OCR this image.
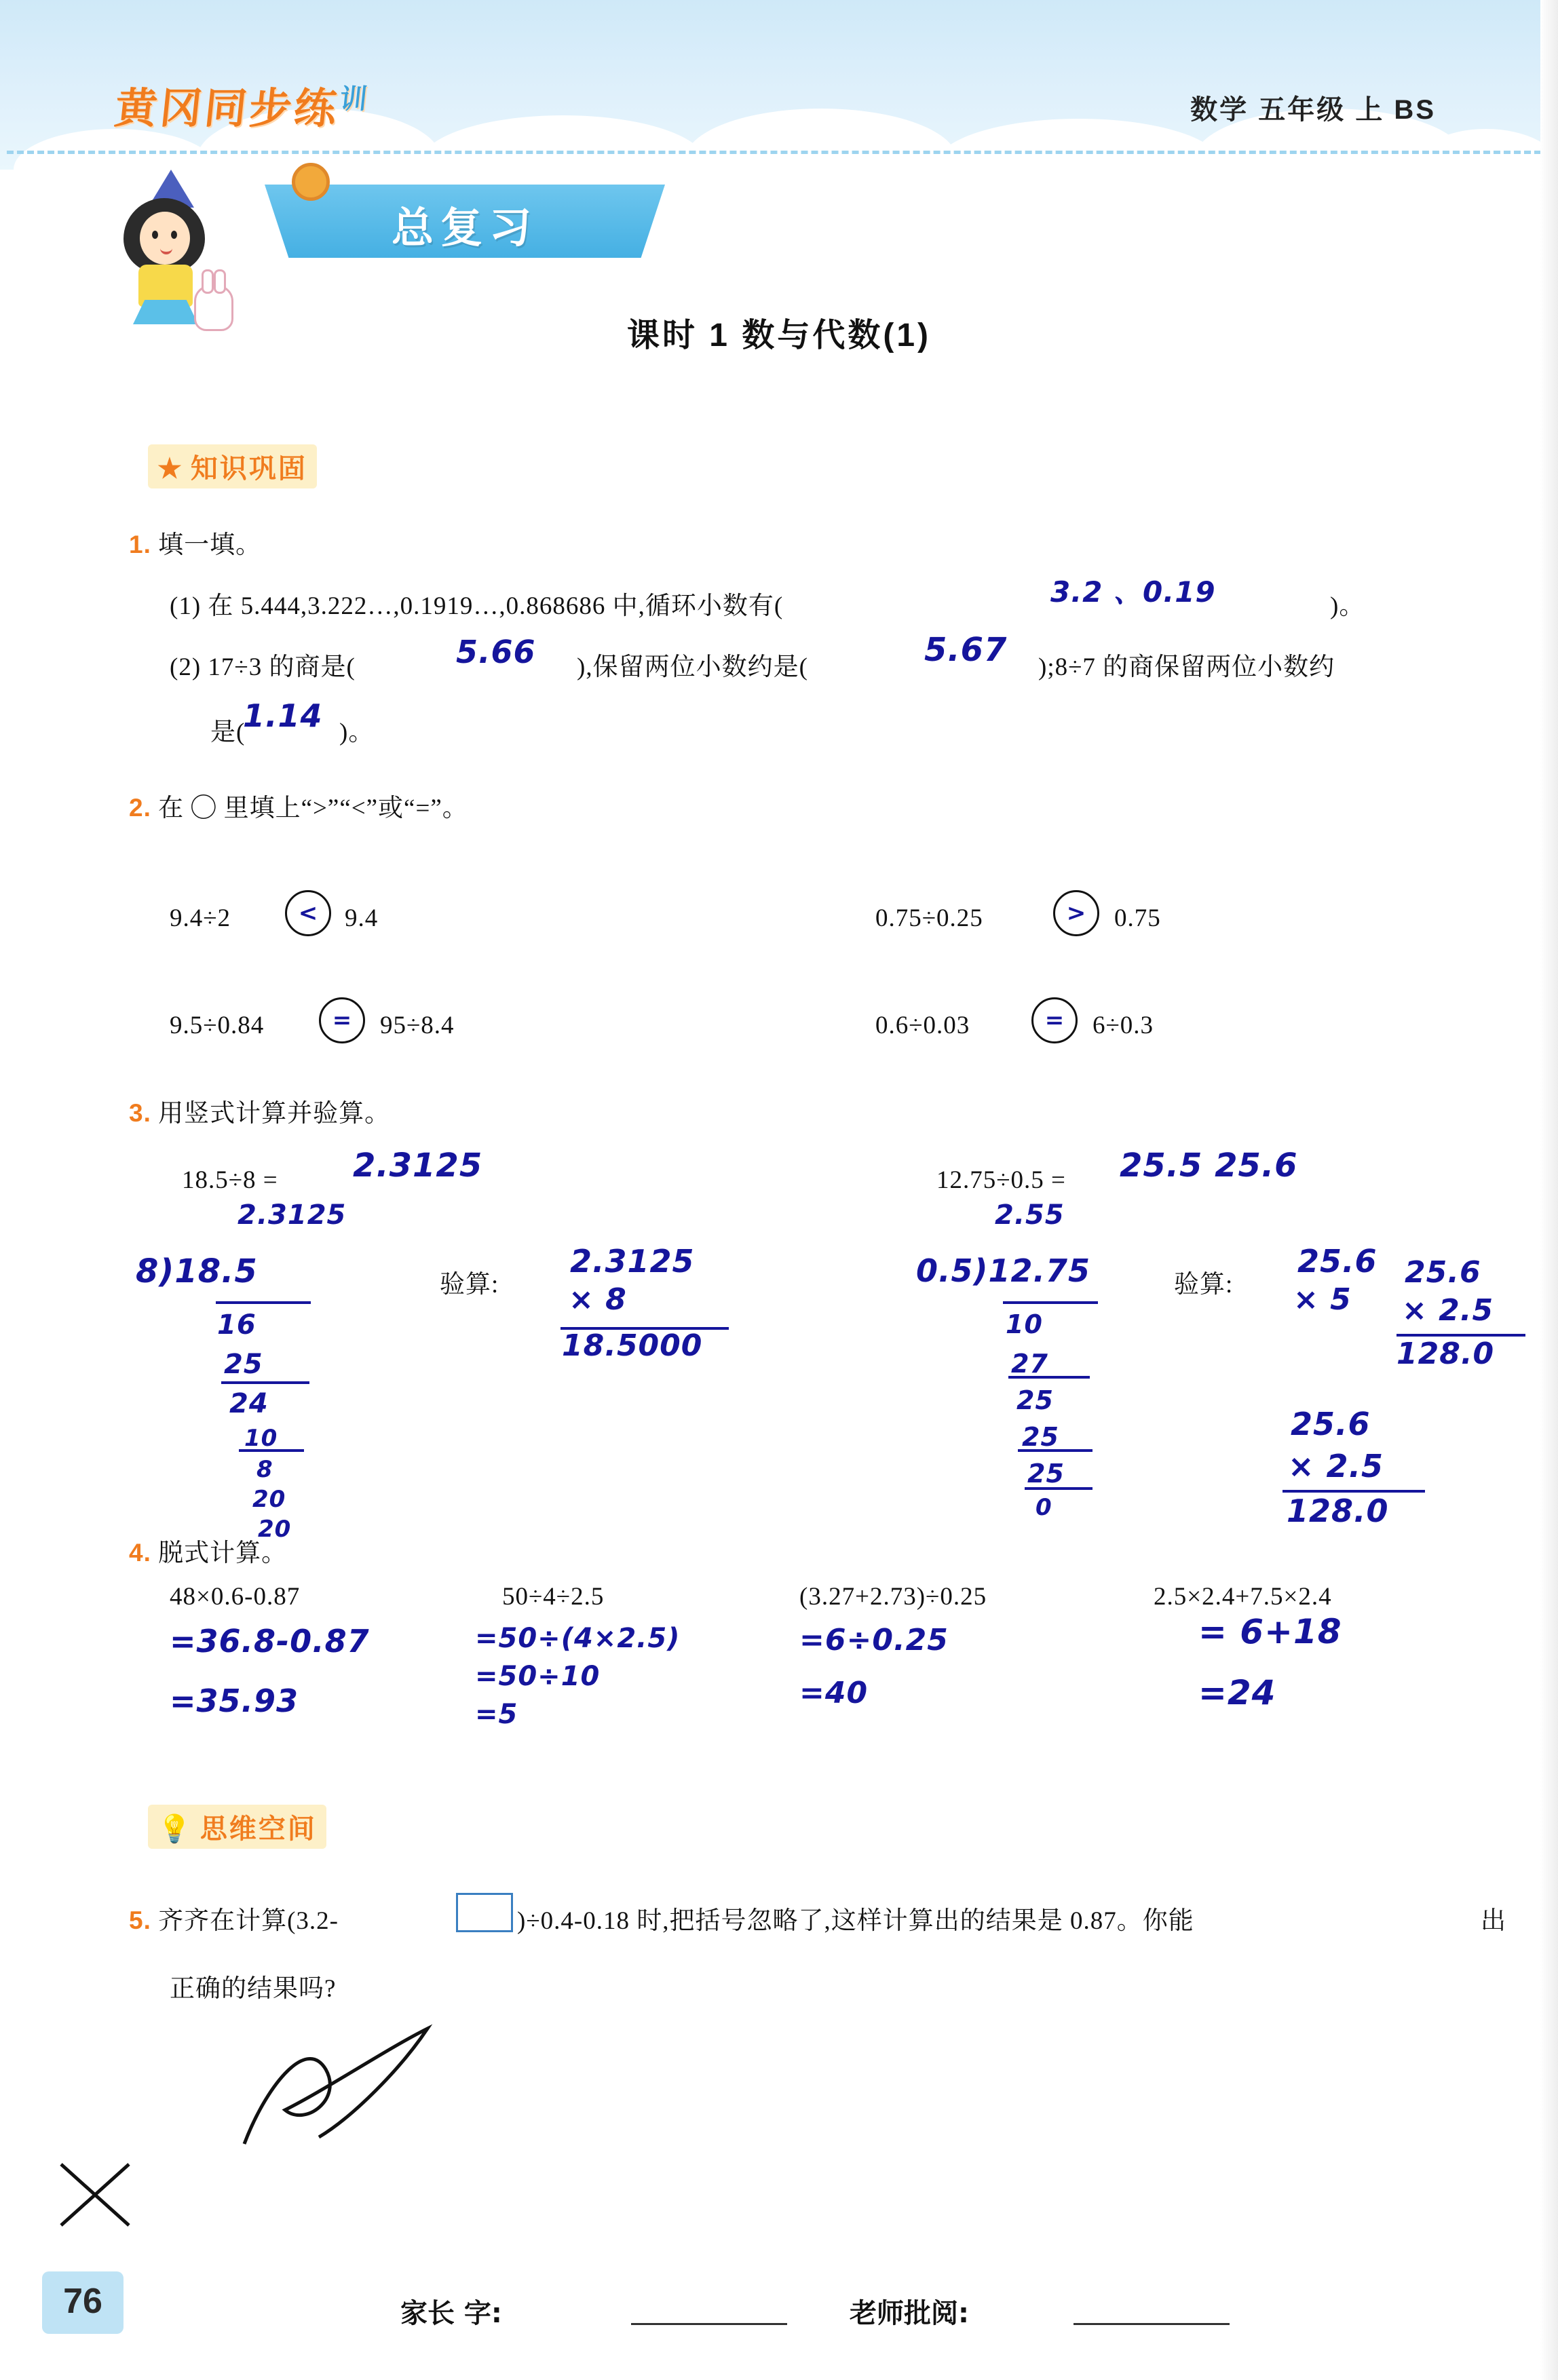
黄冈同步练$^训$	数学 五年级 上 BS
总复习
课时 1 数与代数(1)
★ 知识巩固
1. 填一填。
(1) 在 5.444,3.222…,0.1919…,0.868686 中,循环小数有(	)。
3.2 、0.19
(2) 17÷3 的商是(	5.66 ),保留两位小数约是(	5.67 );8÷7 的商保留两位小数约
是(
1.14 )。
2. 在 ◯ 里填上“>”“<”或“=”。
9.4÷2	< 9.4	0.75÷0.25	> 0.75
9.5÷0.84	= 95÷8.4	0.6÷0.03	= 6÷0.3
3. 用竖式计算并验算。
18.5÷8 = 2.3125
验算:
2.3125
12.75÷0.5 = 25.5 25.6
验算:
25.6
2.3125
8)18.5
16
25
24
10
8
20
20
× 8
18.5000
2.55
0.5)12.75
10
27
25
25
25
0
× 5
25.6
× 2.5
128.0
25.6
× 2.5
128.0
4. 脱式计算。
48×0.6-0.87
=36.8-0.87
=35.93
50÷4÷2.5
=50÷(4×2.5)
=50÷10
=5
(3.27+2.73)÷0.25
=6÷0.25
=40
2.5×2.4+7.5×2.4
= 6+18
=24
💡 思维空间
5. 齐齐在计算(3.2-	)÷0.4-0.18 时,把括号忽略了,这样计算出的结果是 0.87。你能	出
正确的结果吗?
76	家长 字:	老师批阅:
